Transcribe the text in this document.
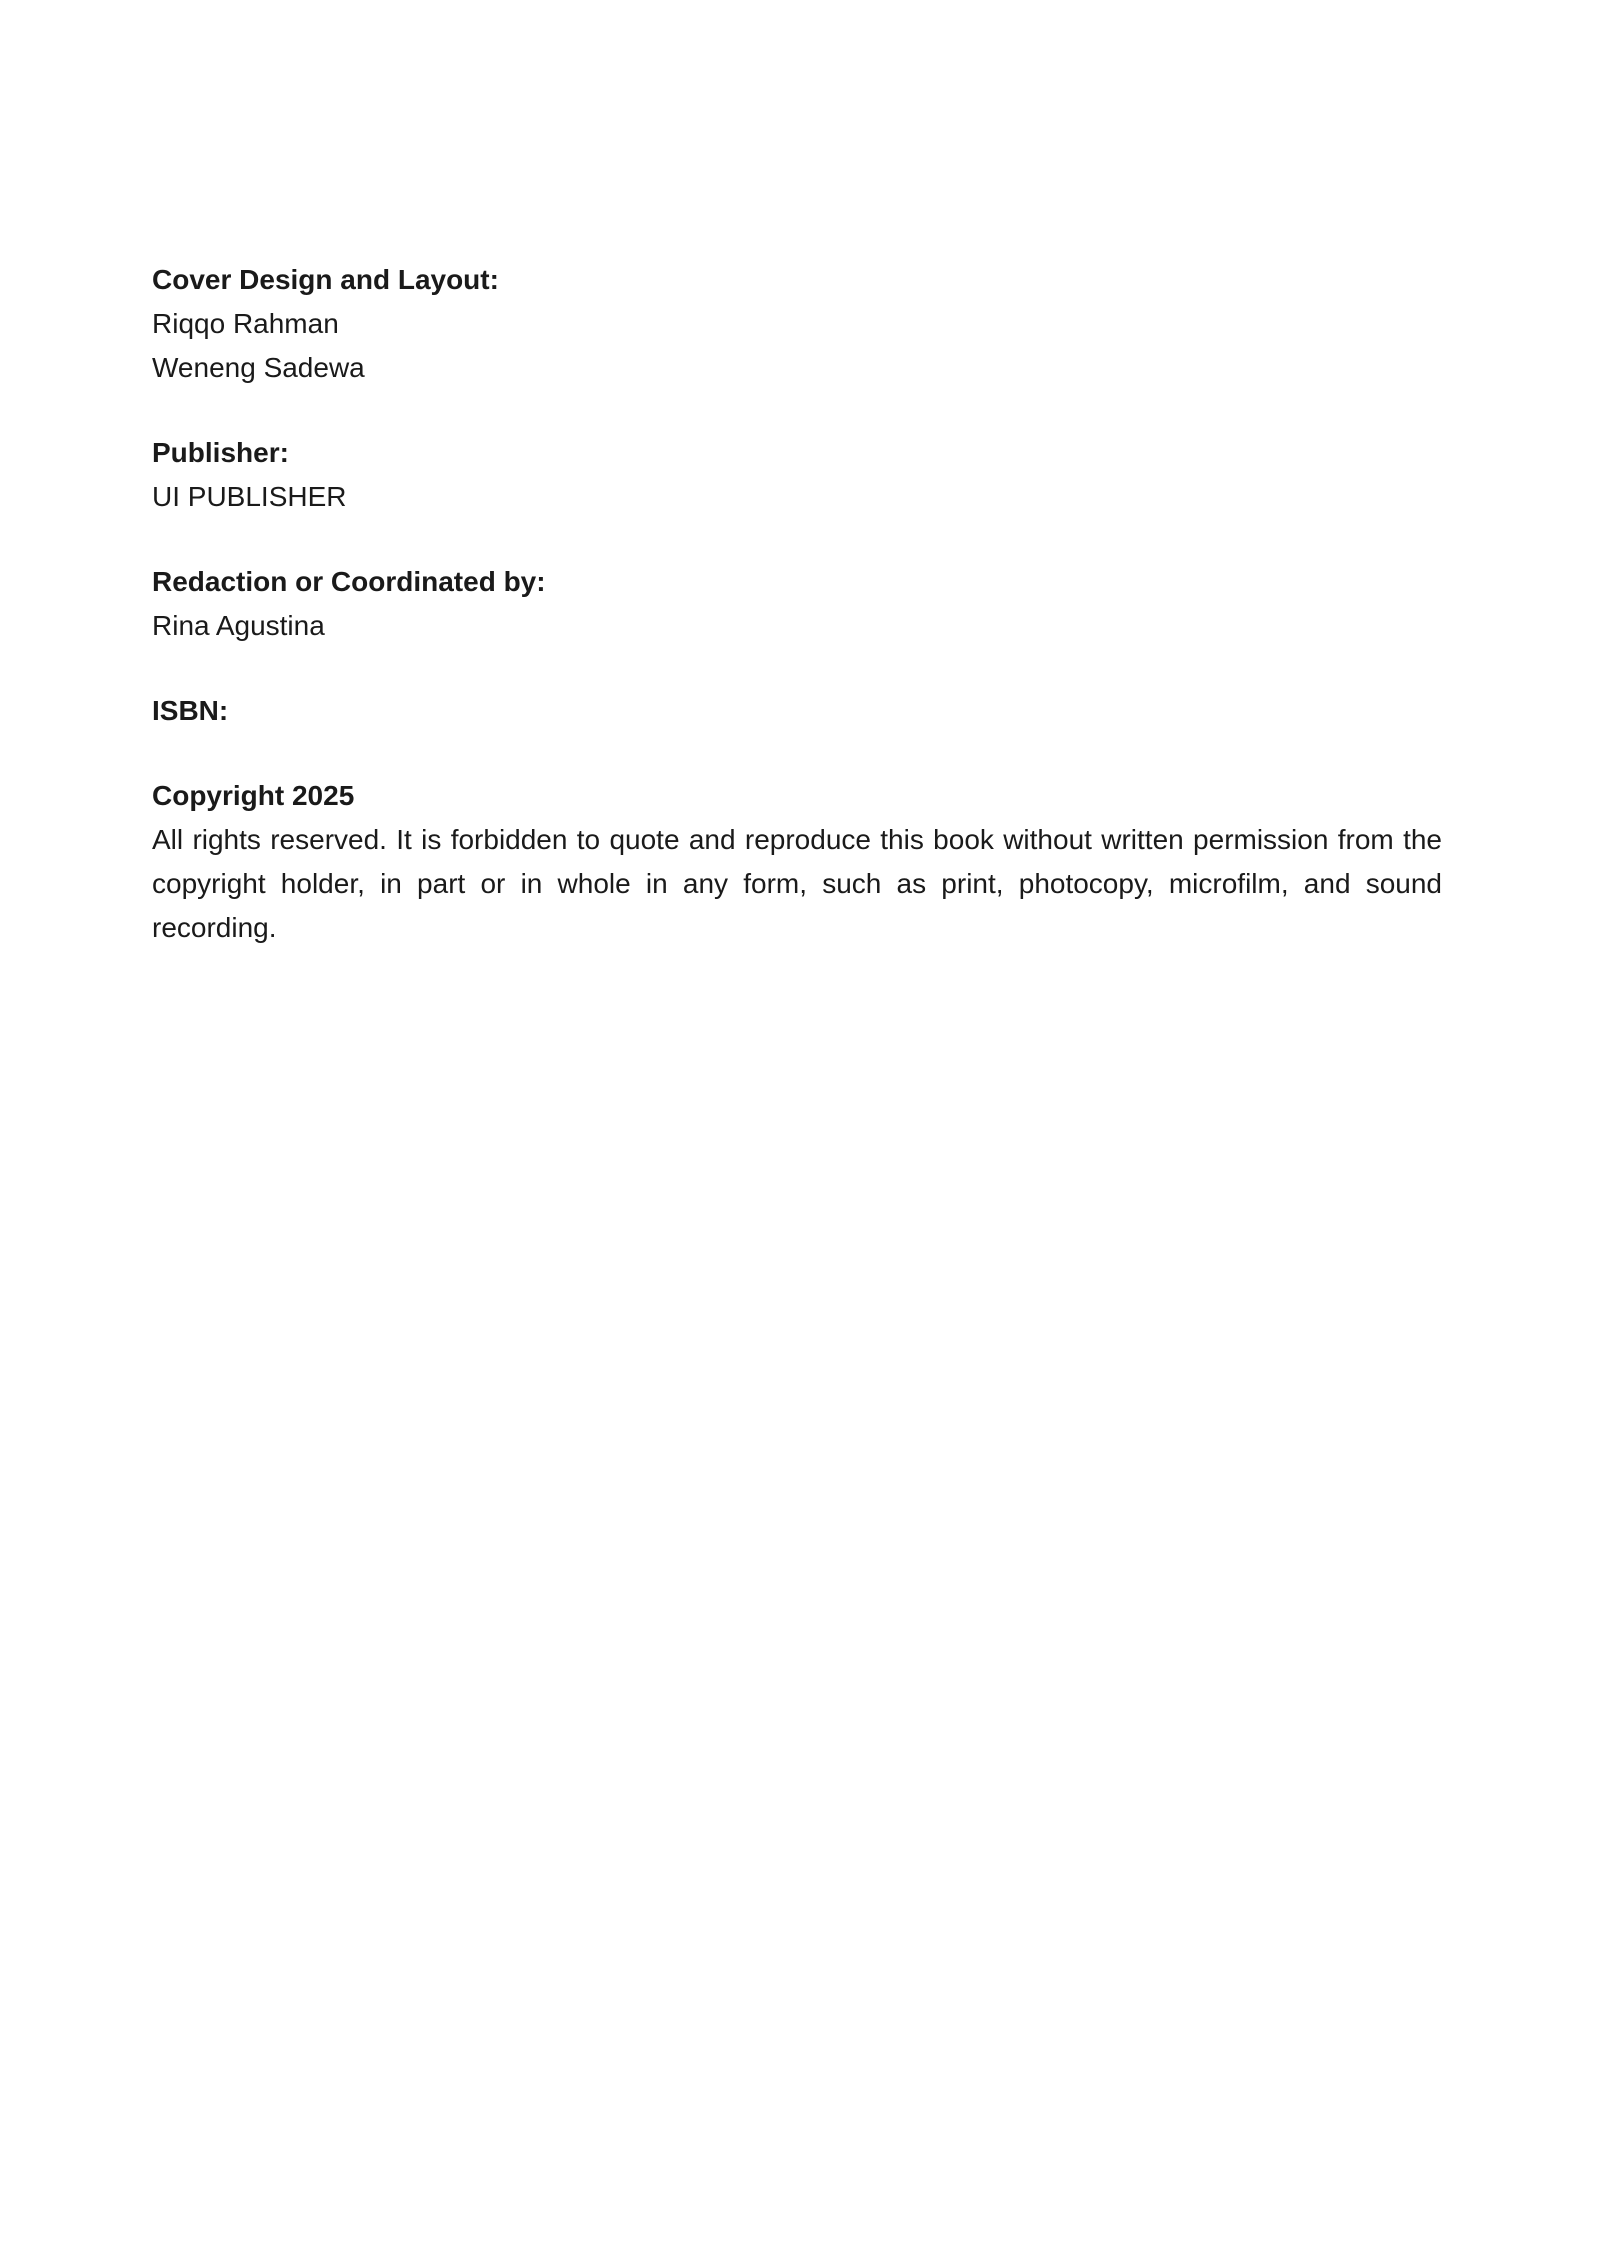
Cover Design and Layout:

Riqqo Rahman

Weneng Sadewa

Publisher:

UI PUBLISHER

Redaction or Coordinated by:

Rina Agustina

ISBN:

Copyright 2025

All rights reserved. It is forbidden to quote and reproduce this book without written permission from the copyright holder, in part or in whole in any form, such as print, photocopy, microfilm, and sound recording.
